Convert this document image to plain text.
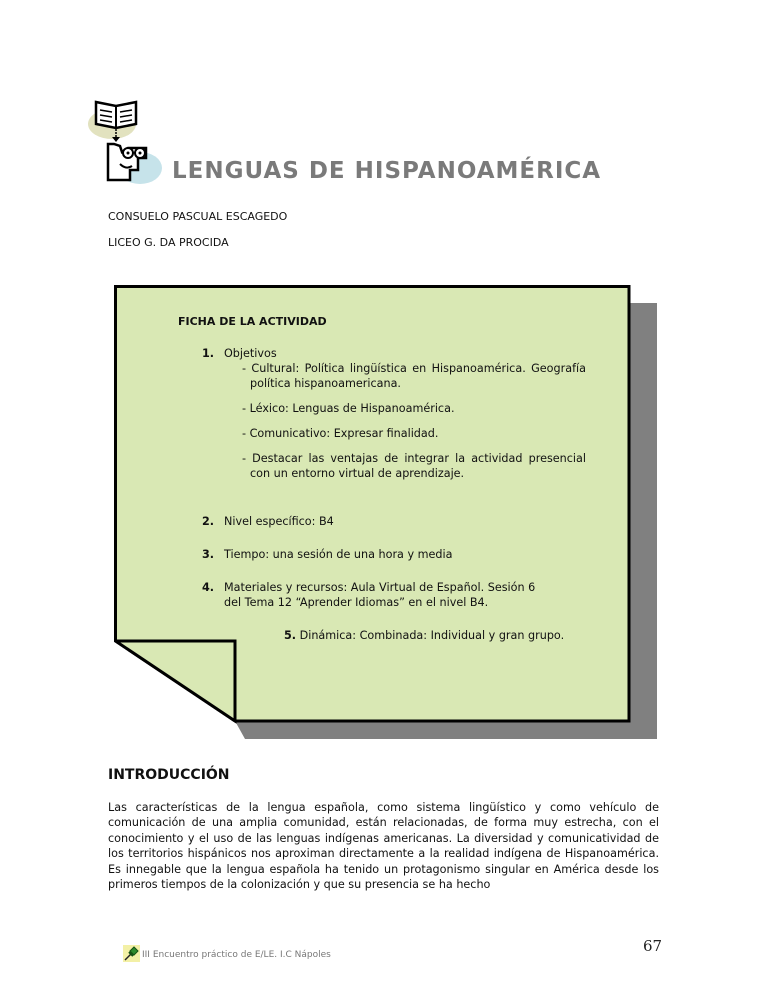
LENGUAS DE HISPANOAMÉRICA
CONSUELO PASCUAL ESCAGEDO
LICEO G. DA PROCIDA
FICHA DE LA ACTIVIDAD
1. Objetivos
- Cultural: Política lingüística en Hispanoamérica. Geografía política hispanoamericana.
- Léxico: Lenguas de Hispanoamérica.
- Comunicativo: Expresar finalidad.
- Destacar las ventajas de integrar la actividad presencial con un entorno virtual de aprendizaje.
2. Nivel específico: B4
3. Tiempo: una sesión de una hora y media
4. Materiales y recursos: Aula Virtual de Español. Sesión 6
del Tema 12 “Aprender Idiomas” en el nivel B4.
5. Dinámica: Combinada: Individual y gran grupo.
INTRODUCCIÓN
Las características de la lengua española, como sistema lingüístico y como vehículo de comunicación de una amplia comunidad, están relacionadas, de forma muy estrecha, con el conocimiento y el uso de las lenguas indígenas americanas. La diversidad y comunicatividad de los territorios hispánicos nos aproximan directamente a la realidad indígena de Hispanoamérica. Es innegable que la lengua española ha tenido un protagonismo singular en América desde los primeros tiempos de la colonización y que su presencia se ha hecho
III Encuentro práctico de E/LE. I.C Nápoles	67
